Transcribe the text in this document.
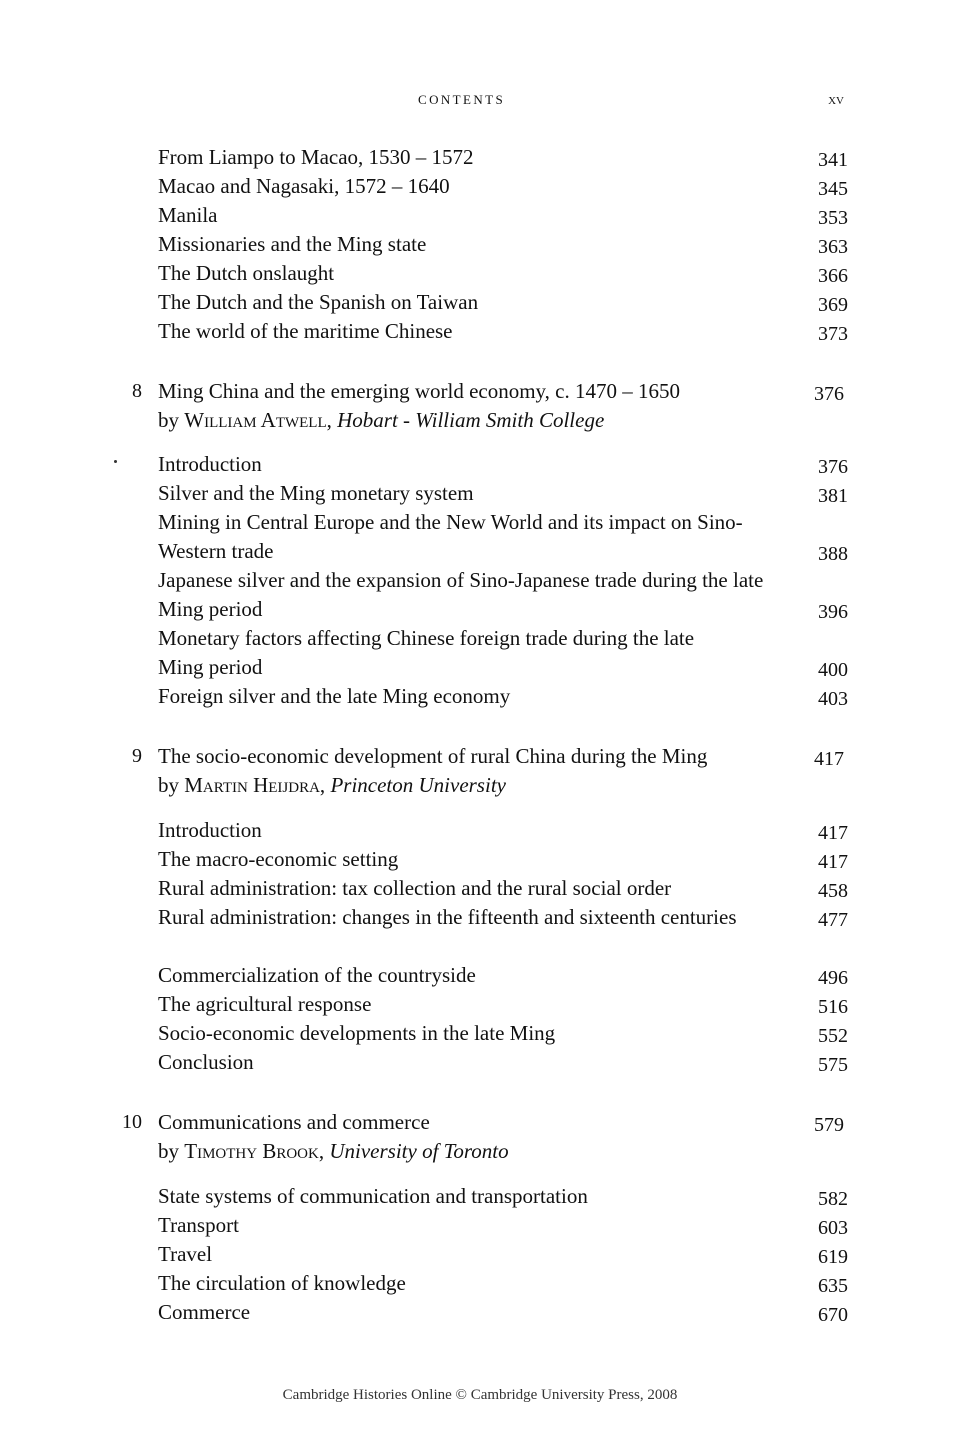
CONTENTS	xv
From Liampo to Macao, 1530 – 1572	341
Macao and Nagasaki, 1572 – 1640	345
Manila	353
Missionaries and the Ming state	363
The Dutch onslaught	366
The Dutch and the Spanish on Taiwan	369
The world of the maritime Chinese	373
8 Ming China and the emerging world economy, c. 1470 – 1650	376
by William Atwell, Hobart - William Smith College
Introduction	376
Silver and the Ming monetary system	381
Mining in Central Europe and the New World and its impact on Sino-Western trade	388
Japanese silver and the expansion of Sino-Japanese trade during the late Ming period	396
Monetary factors affecting Chinese foreign trade during the late Ming period	400
Foreign silver and the late Ming economy	403
9 The socio-economic development of rural China during the Ming	417
by Martin Heijdra, Princeton University
Introduction	417
The macro-economic setting	417
Rural administration: tax collection and the rural social order	458
Rural administration: changes in the fifteenth and sixteenth centuries	477
Commercialization of the countryside	496
The agricultural response	516
Socio-economic developments in the late Ming	552
Conclusion	575
10 Communications and commerce	579
by Timothy Brook, University of Toronto
State systems of communication and transportation	582
Transport	603
Travel	619
The circulation of knowledge	635
Commerce	670
Cambridge Histories Online © Cambridge University Press, 2008
